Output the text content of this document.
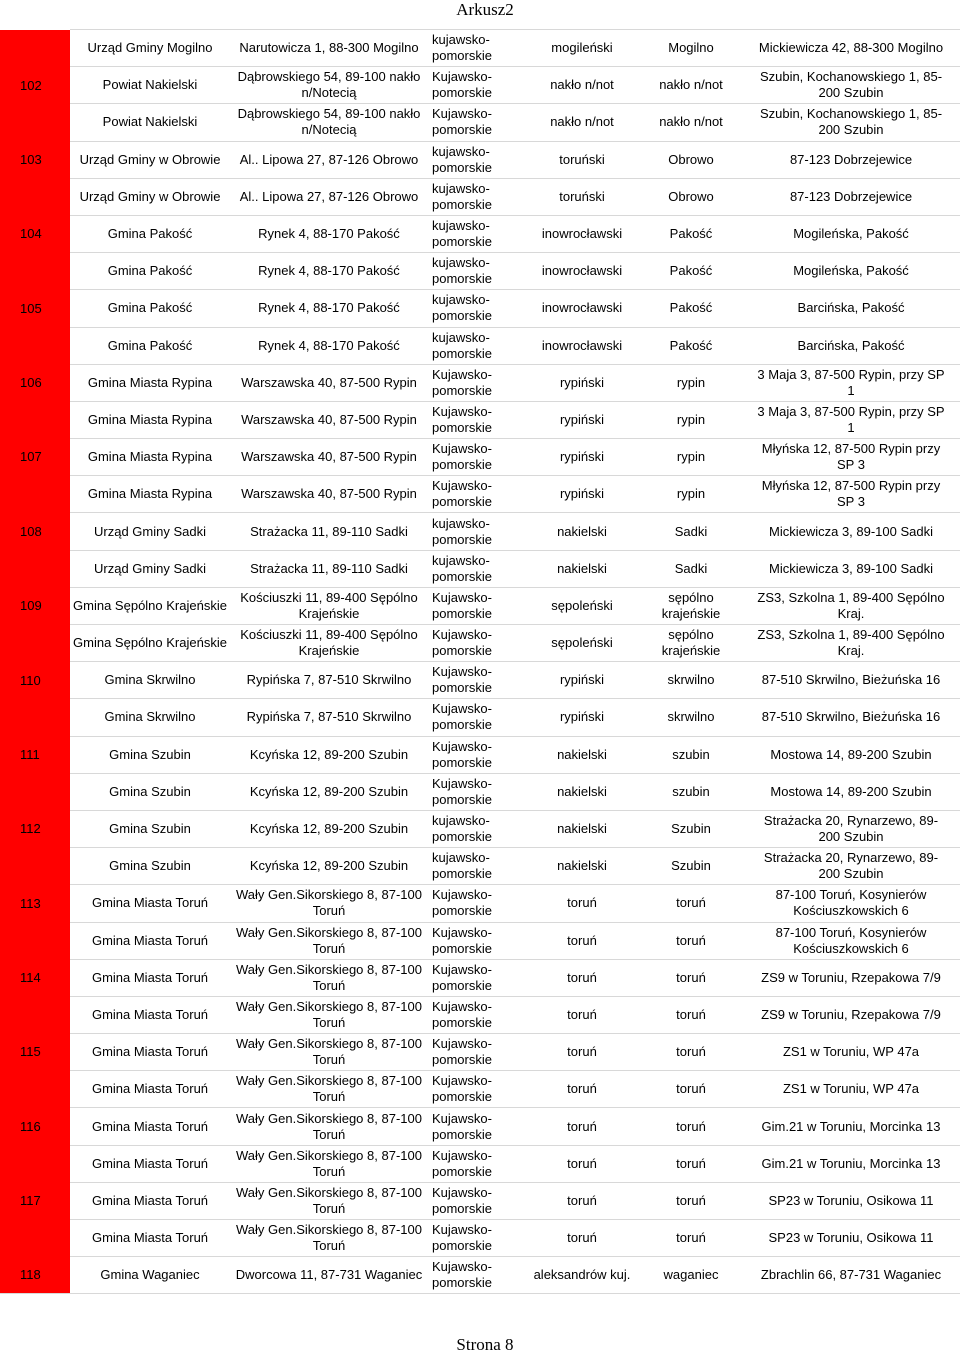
Arkusz2
	Urząd Gminy Mogilno	Narutowicza 1, 88-300 Mogilno	kujawsko-
pomorskie	mogileński	Mogilno	Mickiewicza 42, 88-300 Mogilno
102	Powiat Nakielski	Dąbrowskiego 54, 89-100 nakło
n/Notecią	Kujawsko-
pomorskie	nakło n/not	nakło n/not	Szubin, Kochanowskiego 1, 85-
200 Szubin
	Powiat Nakielski	Dąbrowskiego 54, 89-100 nakło
n/Notecią	Kujawsko-
pomorskie	nakło n/not	nakło n/not	Szubin, Kochanowskiego 1, 85-
200 Szubin
103	Urząd Gminy w Obrowie	Al.. Lipowa 27, 87-126 Obrowo	kujawsko-
pomorskie	toruński	Obrowo	87-123 Dobrzejewice
	Urząd Gminy w Obrowie	Al.. Lipowa 27, 87-126 Obrowo	kujawsko-
pomorskie	toruński	Obrowo	87-123 Dobrzejewice
104	Gmina Pakość	Rynek 4, 88-170 Pakość	kujawsko-
pomorskie	inowrocławski	Pakość	Mogileńska, Pakość
	Gmina Pakość	Rynek 4, 88-170 Pakość	kujawsko-
pomorskie	inowrocławski	Pakość	Mogileńska, Pakość
105	Gmina Pakość	Rynek 4, 88-170 Pakość	kujawsko-
pomorskie	inowrocławski	Pakość	Barcińska, Pakość
	Gmina Pakość	Rynek 4, 88-170 Pakość	kujawsko-
pomorskie	inowrocławski	Pakość	Barcińska, Pakość
106	Gmina Miasta Rypina	Warszawska 40, 87-500 Rypin	Kujawsko-
pomorskie	rypiński	rypin	3 Maja 3, 87-500 Rypin, przy SP
1
	Gmina Miasta Rypina	Warszawska 40, 87-500 Rypin	Kujawsko-
pomorskie	rypiński	rypin	3 Maja 3, 87-500 Rypin, przy SP
1
107	Gmina Miasta Rypina	Warszawska 40, 87-500 Rypin	Kujawsko-
pomorskie	rypiński	rypin	Młyńska 12, 87-500 Rypin przy
SP 3
	Gmina Miasta Rypina	Warszawska 40, 87-500 Rypin	Kujawsko-
pomorskie	rypiński	rypin	Młyńska 12, 87-500 Rypin przy
SP 3
108	Urząd Gminy Sadki	Strażacka 11, 89-110 Sadki	kujawsko-
pomorskie	nakielski	Sadki	Mickiewicza 3, 89-100 Sadki
	Urząd Gminy Sadki	Strażacka 11, 89-110 Sadki	kujawsko-
pomorskie	nakielski	Sadki	Mickiewicza 3, 89-100 Sadki
109	Gmina Sępólno Krajeńskie	Kościuszki 11, 89-400 Sępólno
Krajeńskie	Kujawsko-
pomorskie	sępoleński	sępólno
krajeńskie	ZS3, Szkolna 1, 89-400 Sępólno
Kraj.
	Gmina Sępólno Krajeńskie	Kościuszki 11, 89-400 Sępólno
Krajeńskie	Kujawsko-
pomorskie	sępoleński	sępólno
krajeńskie	ZS3, Szkolna 1, 89-400 Sępólno
Kraj.
110	Gmina Skrwilno	Rypińska 7, 87-510 Skrwilno	Kujawsko-
pomorskie	rypiński	skrwilno	87-510 Skrwilno, Bieżuńska 16
	Gmina Skrwilno	Rypińska 7, 87-510 Skrwilno	Kujawsko-
pomorskie	rypiński	skrwilno	87-510 Skrwilno, Bieżuńska 16
111	Gmina Szubin	Kcyńska 12, 89-200 Szubin	Kujawsko-
pomorskie	nakielski	szubin	Mostowa 14, 89-200 Szubin
	Gmina Szubin	Kcyńska 12, 89-200 Szubin	Kujawsko-
pomorskie	nakielski	szubin	Mostowa 14, 89-200 Szubin
112	Gmina Szubin	Kcyńska 12, 89-200 Szubin	kujawsko-
pomorskie	nakielski	Szubin	Strażacka 20, Rynarzewo, 89-
200 Szubin
	Gmina Szubin	Kcyńska 12, 89-200 Szubin	kujawsko-
pomorskie	nakielski	Szubin	Strażacka 20, Rynarzewo, 89-
200 Szubin
113	Gmina Miasta Toruń	Wały Gen.Sikorskiego 8, 87-100
Toruń	Kujawsko-
pomorskie	toruń	toruń	87-100 Toruń, Kosynierów
Kościuszkowskich 6
	Gmina Miasta Toruń	Wały Gen.Sikorskiego 8, 87-100
Toruń	Kujawsko-
pomorskie	toruń	toruń	87-100 Toruń, Kosynierów
Kościuszkowskich 6
114	Gmina Miasta Toruń	Wały Gen.Sikorskiego 8, 87-100
Toruń	Kujawsko-
pomorskie	toruń	toruń	ZS9 w Toruniu, Rzepakowa 7/9
	Gmina Miasta Toruń	Wały Gen.Sikorskiego 8, 87-100
Toruń	Kujawsko-
pomorskie	toruń	toruń	ZS9 w Toruniu, Rzepakowa 7/9
115	Gmina Miasta Toruń	Wały Gen.Sikorskiego 8, 87-100
Toruń	Kujawsko-
pomorskie	toruń	toruń	ZS1 w Toruniu, WP 47a
	Gmina Miasta Toruń	Wały Gen.Sikorskiego 8, 87-100
Toruń	Kujawsko-
pomorskie	toruń	toruń	ZS1 w Toruniu, WP 47a
116	Gmina Miasta Toruń	Wały Gen.Sikorskiego 8, 87-100
Toruń	Kujawsko-
pomorskie	toruń	toruń	Gim.21 w Toruniu, Morcinka 13
	Gmina Miasta Toruń	Wały Gen.Sikorskiego 8, 87-100
Toruń	Kujawsko-
pomorskie	toruń	toruń	Gim.21 w Toruniu, Morcinka 13
117	Gmina Miasta Toruń	Wały Gen.Sikorskiego 8, 87-100
Toruń	Kujawsko-
pomorskie	toruń	toruń	SP23 w Toruniu, Osikowa 11
	Gmina Miasta Toruń	Wały Gen.Sikorskiego 8, 87-100
Toruń	Kujawsko-
pomorskie	toruń	toruń	SP23 w Toruniu, Osikowa 11
118	Gmina Waganiec	Dworcowa 11, 87-731 Waganiec	Kujawsko-
pomorskie	aleksandrów kuj.	waganiec	Zbrachlin 66, 87-731 Waganiec
Strona 8
